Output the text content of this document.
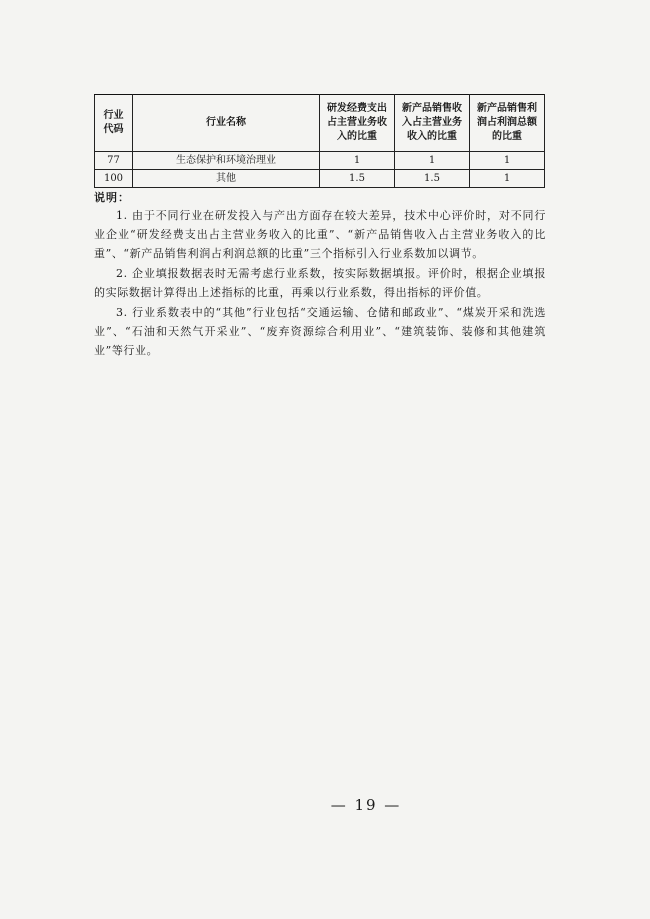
行业代码	行业名称	研发经费支出占主营业务收入的比重	新产品销售收入占主营业务收入的比重	新产品销售利润占利润总额的比重
77	生态保护和环境治理业	1	1	1
100	其他	1.5	1.5	1
说明：

1. 由于不同行业在研发投入与产出方面存在较大差异，技术中心评价时，对不同行业企业“研发经费支出占主营业务收入的比重”、“新产品销售收入占主营业务收入的比重”、“新产品销售利润占利润总额的比重”三个指标引入行业系数加以调节。

2. 企业填报数据表时无需考虑行业系数，按实际数据填报。评价时，根据企业填报的实际数据计算得出上述指标的比重，再乘以行业系数，得出指标的评价值。

3. 行业系数表中的“其他”行业包括“交通运输、仓储和邮政业”、“煤炭开采和洗选业”、“石油和天然气开采业”、“废弃资源综合利用业”、“建筑装饰、装修和其他建筑业”等行业。

— 19 —
